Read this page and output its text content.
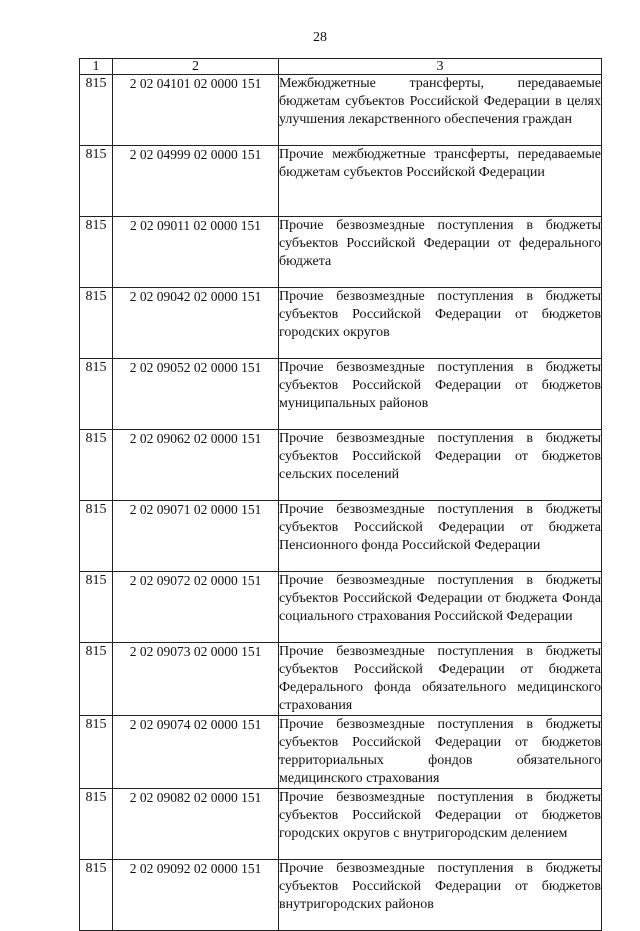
28
1	2	3
815	2 02 04101 02 0000 151	Межбюджетные трансферты, передаваемые бюджетам субъектов Российской Федерации в целях улучшения лекарственного обеспечения граждан
815	2 02 04999 02 0000 151	Прочие межбюджетные трансферты, передаваемые бюджетам субъектов Российской Федерации
815	2 02 09011 02 0000 151	Прочие безвозмездные поступления в бюджеты субъектов Российской Федерации от федерального бюджета
815	2 02 09042 02 0000 151	Прочие безвозмездные поступления в бюджеты субъектов Российской Федерации от бюджетов городских округов
815	2 02 09052 02 0000 151	Прочие безвозмездные поступления в бюджеты субъектов Российской Федерации от бюджетов муниципальных районов
815	2 02 09062 02 0000 151	Прочие безвозмездные поступления в бюджеты субъектов Российской Федерации от бюджетов сельских поселений
815	2 02 09071 02 0000 151	Прочие безвозмездные поступления в бюджеты субъектов Российской Федерации от бюджета Пенсионного фонда Российской Федерации
815	2 02 09072 02 0000 151	Прочие безвозмездные поступления в бюджеты субъектов Российской Федерации от бюджета Фонда социального страхования Российской Федерации
815	2 02 09073 02 0000 151	Прочие безвозмездные поступления в бюджеты субъектов Российской Федерации от бюджета Федерального фонда обязательного медицинского страхования
815	2 02 09074 02 0000 151	Прочие безвозмездные поступления в бюджеты субъектов Российской Федерации от бюджетов территориальных фондов обязательного медицинского страхования
815	2 02 09082 02 0000 151	Прочие безвозмездные поступления в бюджеты субъектов Российской Федерации от бюджетов городских округов с внутригородским делением
815	2 02 09092 02 0000 151	Прочие безвозмездные поступления в бюджеты субъектов Российской Федерации от бюджетов внутригородских районов
